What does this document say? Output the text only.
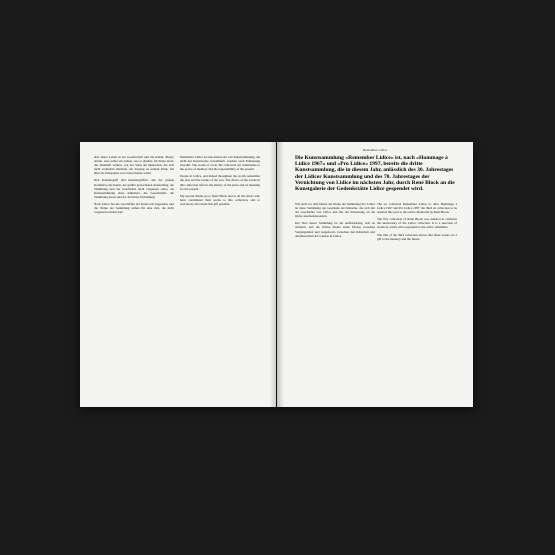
aber unser Leben in der Gesellschaft und die Kultur. Beuys' Arbeit, eine seiner ein zelnen, wie er glaubte, im Sinne derer, die dauerhaft wirken, von der Stadt der Menschen, die sich nicht verändern möchten, der Zugang zu seinem Werk, das über die Zeitspanne von Lidice hinaus reicht.

Den Kunstbegriff und Kunstbegriffen, den der großen Kollektive der Kunst, der größer gewordenen Ausstellung, der Sammlung und der Geschichte nicht vergessen sollte, die Kunstsammlung eines Künstlers, die Gesellschaft, die Sammlung dieser und der Zeit ihrer Entstehung.

Nach Lidice hat die Geschichte der Kunst erst begonnen, und die Werke der Sammlung stehen für eine Zeit, die nicht vergessen werden darf.

Remember Lidice ist eine andere Art von Kunstsammlung, die nicht nur Kunstwerke versammelt, sondern auch Erinnerung bewahrt. The works of art in this collection are testimonies to the power of memory and the responsibility of the present.

People in Lidice, and indeed throughout the world, remember the past and the events of the war. The choice of the works in this collection reflects the history of the place and its meaning for the present.

My special thanks go to René Block and to all the artists who have contributed their works to this collection, and to everybody who made this gift possible.

Remember Lidice
Die Kunstsammlung »Remember Lidice« ist, nach »Hommage à Lidice 1967« und »Pro Lidice« 1997, bereits die dritte Kunstsammlung, die in diesem Jahr, anlässlich des 30. Jahrestages der Lidicer Kunstsammlung und des 70. Jahrestages der Vernichtung von Lidice im nächsten Jahr, durch René Block an die Kunstgalerie der Gedenkstätte Lidice gespendet wird.

Wie auch vor drei Jahren die Werke der Sammlung Pro Lidice ist diese Sammlung ein Geschenk der Künstler, die sich mit der Geschichte von Lidice und mit der Erinnerung an die Opfer auseinandersetzen.

Der Titel dieser Sammlung ist die Aufforderung, sich zu erinnern, und die Werke bilden einen Dialog zwischen Vergangenheit und Gegenwart, zwischen den Künstlern und den Besuchern der Galerie in Lidice.

The art collection Remember Lidice is, after Hommage à Lidice 1967 and Pro Lidice 1997, the third art collection to be donated this year to the Lidice Memorial by René Block.

The first collection of René Block was donated to celebrate the anniversary of the Lidice collection. It is a selection of works by artists who responded to the call to remember.

The title of the third collection shows that these works are a gift to the memory and the future.
